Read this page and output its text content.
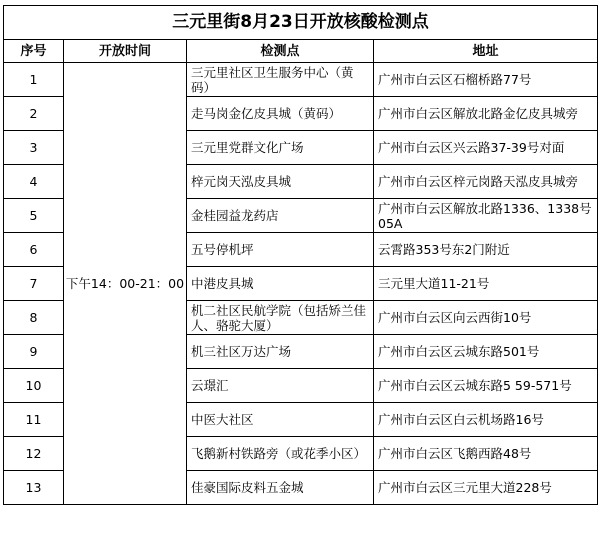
三元里街8月23日开放核酸检测点			
序号	开放时间	检测点	地址
1	下午14：00-21：00	三元里社区卫生服务中心（黄码）	广州市白云区石榴桥路77号
2		走马岗金亿皮具城（黄码）	广州市白云区解放北路金亿皮具城旁
3		三元里党群文化广场	广州市白云区兴云路37-39号对面
4		梓元岗天泓皮具城	广州市白云区梓元岗路天泓皮具城旁
5		金桂园益龙药店	广州市白云区解放北路1336、1338号05A
6		五号停机坪	云霄路353号东2门附近
7		中港皮具城	三元里大道11-21号
8		机二社区民航学院（包括矫兰佳人、骆驼大厦）	广州市白云区向云西街10号
9		机三社区万达广场	广州市白云区云城东路501号
10		云璟汇	广州市白云区云城东路5 59-571号
11		中医大社区	广州市白云区白云机场路16号
12		飞鹅新村铁路旁（或花季小区）	广州市白云区飞鹅西路48号
13		佳豪国际皮料五金城	广州市白云区三元里大道228号
